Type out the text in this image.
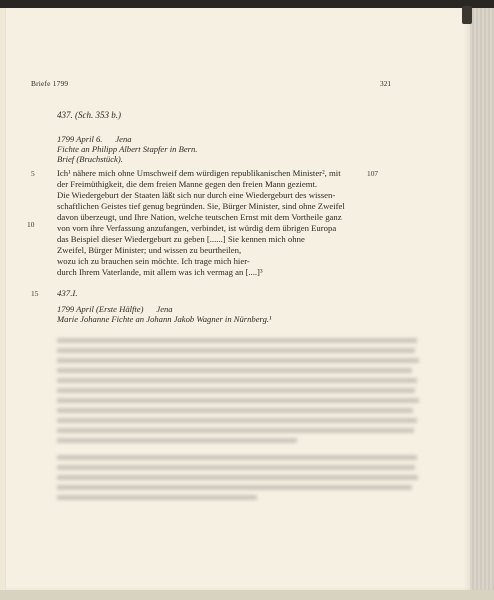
Briefe 1799	321
437. (Sch. 353 b.)
1799 April 6.      Jena
Fichte an Philipp Albert Stapfer in Bern.
Brief (Bruchstück).
5	107
10
Ich¹ nähere mich ohne Umschweif dem würdigen republikanischen Minister², mit
der Freimüthigkeit, die dem freien Manne gegen den freien Mann geziemt.
Die Wiedergeburt der Staaten läßt sich nur durch eine Wiedergeburt des wissen-
schaftlichen Geistes tief genug begründen. Sie, Bürger Minister, sind ohne Zweifel
davon überzeugt, und Ihre Nation, welche teutschen Ernst mit dem Vortheile ganz
von vorn ihre Verfassung anzufangen, verbindet, ist würdig dem übrigen Europa
das Beispiel dieser Wiedergeburt zu geben [......] Sie kennen mich ohne
Zweifel, Bürger Minister; und wissen zu beurtheilen,
wozu ich zu brauchen sein möchte. Ich trage mich hier-
durch Ihrem Vaterlande, mit allem was ich vermag an [....]³
15 437.I.
1799 April (Erste Hälfte)      Jena
Marie Johanne Fichte an Johann Jakob Wagner in Nürnberg.¹
